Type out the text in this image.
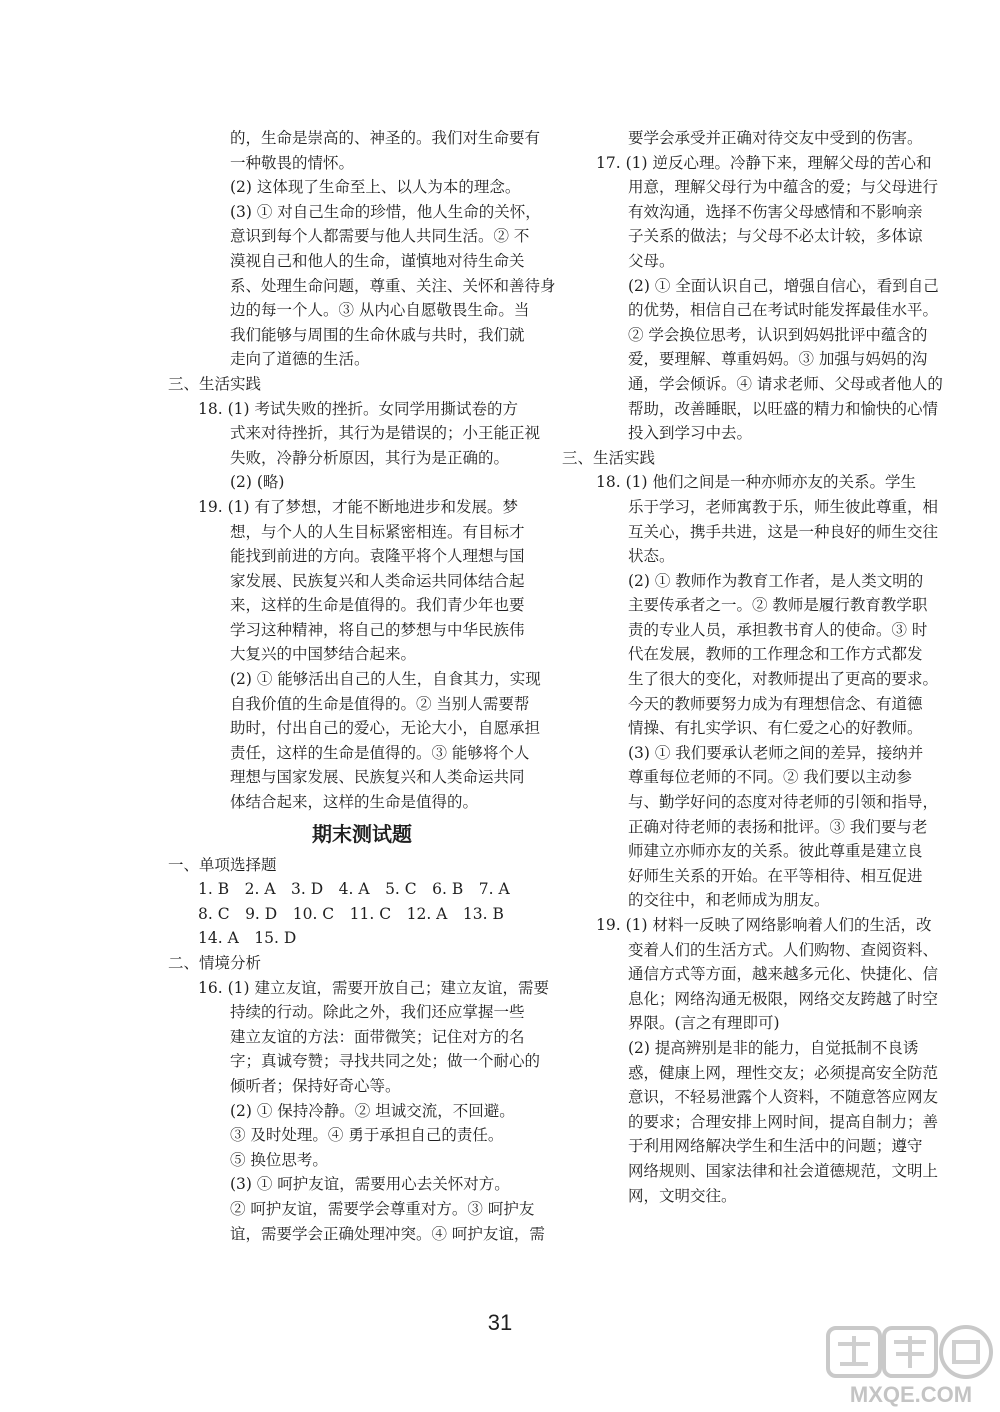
的，生命是崇高的、神圣的。我们对生命要有

一种敬畏的情怀。

(2) 这体现了生命至上、以人为本的理念。

(3) ① 对自己生命的珍惜，他人生命的关怀，

意识到每个人都需要与他人共同生活。② 不

漠视自己和他人的生命，谨慎地对待生命关

系、处理生命问题，尊重、关注、关怀和善待身

边的每一个人。③ 从内心自愿敬畏生命。当

我们能够与周围的生命休戚与共时，我们就

走向了道德的生活。

三、生活实践

18. (1) 考试失败的挫折。女同学用撕试卷的方

式来对待挫折，其行为是错误的；小王能正视

失败，冷静分析原因，其行为是正确的。

(2) (略)

19. (1) 有了梦想，才能不断地进步和发展。梦

想，与个人的人生目标紧密相连。有目标才

能找到前进的方向。袁隆平将个人理想与国

家发展、民族复兴和人类命运共同体结合起

来，这样的生命是值得的。我们青少年也要

学习这种精神，将自己的梦想与中华民族伟

大复兴的中国梦结合起来。

(2) ① 能够活出自己的人生，自食其力，实现

自我价值的生命是值得的。② 当别人需要帮

助时，付出自己的爱心，无论大小，自愿承担

责任，这样的生命是值得的。③ 能够将个人

理想与国家发展、民族复兴和人类命运共同

体结合起来，这样的生命是值得的。

期末测试题

一、单项选择题

1. B　2. A　3. D　4. A　5. C　6. B　7. A

8. C　9. D　10. C　11. C　12. A　13. B

14. A　15. D

二、情境分析

16. (1) 建立友谊，需要开放自己；建立友谊，需要

持续的行动。除此之外，我们还应掌握一些

建立友谊的方法：面带微笑；记住对方的名

字；真诚夸赞；寻找共同之处；做一个耐心的

倾听者；保持好奇心等。

(2) ① 保持冷静。② 坦诚交流，不回避。

③ 及时处理。④ 勇于承担自己的责任。

⑤ 换位思考。

(3) ① 呵护友谊，需要用心去关怀对方。

② 呵护友谊，需要学会尊重对方。③ 呵护友

谊，需要学会正确处理冲突。④ 呵护友谊，需

要学会承受并正确对待交友中受到的伤害。

17. (1) 逆反心理。冷静下来，理解父母的苦心和

用意，理解父母行为中蕴含的爱；与父母进行

有效沟通，选择不伤害父母感情和不影响亲

子关系的做法；与父母不必太计较，多体谅

父母。

(2) ① 全面认识自己，增强自信心，看到自己

的优势，相信自己在考试时能发挥最佳水平。

② 学会换位思考，认识到妈妈批评中蕴含的

爱，要理解、尊重妈妈。③ 加强与妈妈的沟

通，学会倾诉。④ 请求老师、父母或者他人的

帮助，改善睡眠，以旺盛的精力和愉快的心情

投入到学习中去。

三、生活实践

18. (1) 他们之间是一种亦师亦友的关系。学生

乐于学习，老师寓教于乐，师生彼此尊重，相

互关心，携手共进，这是一种良好的师生交往

状态。

(2) ① 教师作为教育工作者，是人类文明的

主要传承者之一。② 教师是履行教育教学职

责的专业人员，承担教书育人的使命。③ 时

代在发展，教师的工作理念和工作方式都发

生了很大的变化，对教师提出了更高的要求。

今天的教师要努力成为有理想信念、有道德

情操、有扎实学识、有仁爱之心的好教师。

(3) ① 我们要承认老师之间的差异，接纳并

尊重每位老师的不同。② 我们要以主动参

与、勤学好问的态度对待老师的引领和指导，

正确对待老师的表扬和批评。③ 我们要与老

师建立亦师亦友的关系。彼此尊重是建立良

好师生关系的开始。在平等相待、相互促进

的交往中，和老师成为朋友。

19. (1) 材料一反映了网络影响着人们的生活，改

变着人们的生活方式。人们购物、查阅资料、

通信方式等方面，越来越多元化、快捷化、信

息化；网络沟通无极限，网络交友跨越了时空

界限。(言之有理即可)

(2) 提高辨别是非的能力，自觉抵制不良诱

惑，健康上网，理性交友；必须提高安全防范

意识，不轻易泄露个人资料，不随意答应网友

的要求；合理安排上网时间，提高自制力；善

于利用网络解决学生和生活中的问题；遵守

网络规则、国家法律和社会道德规范，文明上

网，文明交往。

31
MXQE.COM
